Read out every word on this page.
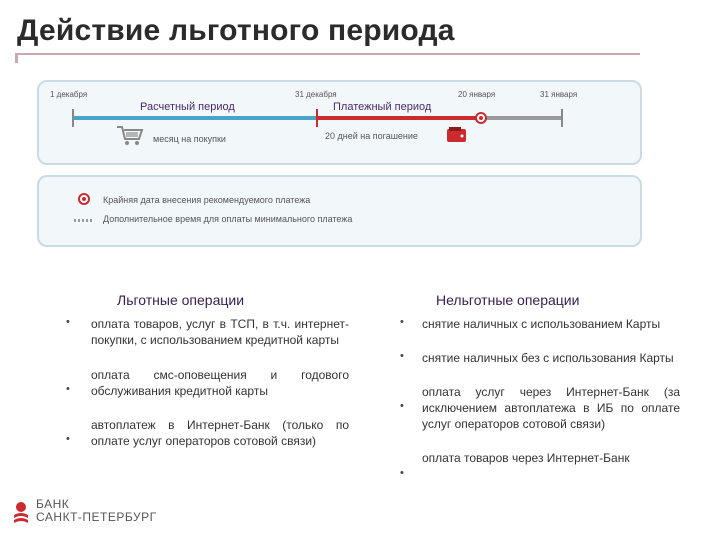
Действие льготного периода
1 декабря	31 декабря	20 января	31 января
Расчетный период	Платежный период
месяц на покупки	20 дней на погашение
Крайняя дата внесения рекомендуемого платежа
Дополнительное время для оплаты минимального платежа
Льготные операции
•
•
•
оплата товаров, услуг в ТСП, в т.ч. интернет-покупки, с использованием кредитной карты
оплата смс-оповещения и годового обслуживания кредитной карты
автоплатеж в Интернет-Банк (только по оплате услуг операторов сотовой связи)
Нельготные операции
•
•
•
•
снятие наличных с использованием Карты
снятие наличных без с использования Карты
оплата услуг через Интернет-Банк (за исключением автоплатежа в ИБ по оплате услуг операторов сотовой связи)
оплата товаров через Интернет-Банк
БАНК
САНКТ-ПЕТЕРБУРГ
